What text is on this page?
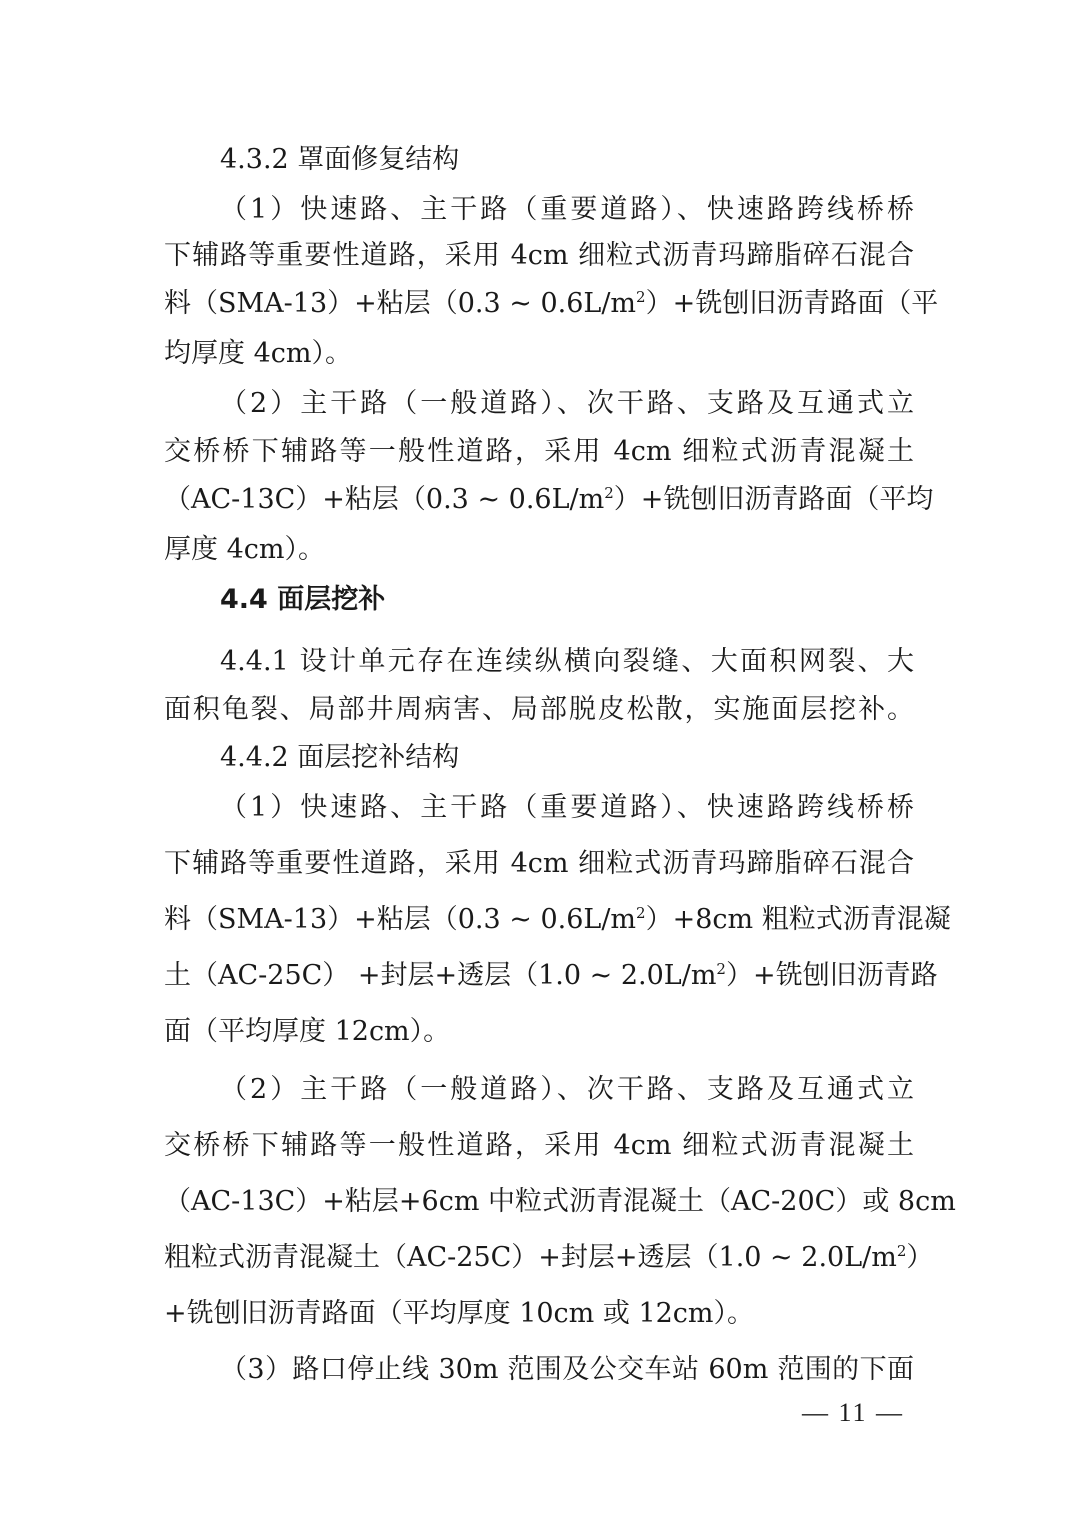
4.3.2 罩面修复结构
（1）快速路、主干路（重要道路）、快速路跨线桥桥
下辅路等重要性道路，采用 4cm 细粒式沥青玛蹄脂碎石混合
料（SMA-13）+粘层（0.3 ~ $0.6L/m^2)+$铣刨旧沥青路面（平
均厚度 4cm）。
（2）主干路（一般道路）、次干路、支路及互通式立
交桥桥下辅路等一般性道路，采用 4cm 细粒式沥青混凝土
（AC-13C）+粘层（0.3 ~ $0.6L/m^2)+$铣刨旧沥青路面（平均
厚度 4cm）。
4.4 面层挖补
4.4.1 设计单元存在连续纵横向裂缝、大面积网裂、大
面积龟裂、局部井周病害、局部脱皮松散，实施面层挖补。
4.4.2 面层挖补结构
（1）快速路、主干路（重要道路）、快速路跨线桥桥
下辅路等重要性道路，采用 4cm 细粒式沥青玛蹄脂碎石混合
料（SMA-13）+粘层（0.3 ~ $0.6L/m^2)+8cm$ 粗粒式沥青混凝
土（AC-25C） +封层+透层（1.0 ~ $2.0L/m^2)+$铣刨旧沥青路
面（平均厚度 12cm）。
（2）主干路（一般道路）、次干路、支路及互通式立
交桥桥下辅路等一般性道路，采用 4cm 细粒式沥青混凝土
（AC-13C）+粘层+6cm 中粒式沥青混凝土（AC-20C）或 8cm
粗粒式沥青混凝土（AC-25C）+封层+透层（1.0 ~ $2.0L/m^2$）
+铣刨旧沥青路面（平均厚度 10cm 或 12cm）。
（3）路口停止线 30m 范围及公交车站 60m 范围的下面
— 11 —
